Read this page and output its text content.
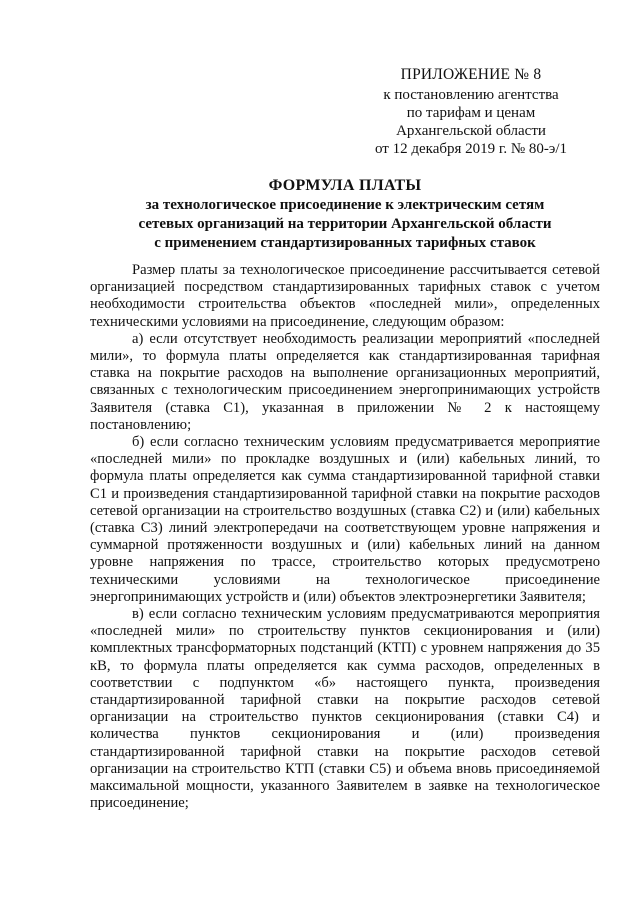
ПРИЛОЖЕНИЕ № 8
к постановлению агентства
по тарифам и ценам
Архангельской области
от 12 декабря 2019 г. № 80-э/1
ФОРМУЛА ПЛАТЫ
за технологическое присоединение к электрическим сетям
сетевых организаций на территории Архангельской области
с применением стандартизированных тарифных ставок

Размер платы за технологическое присоединение рассчитывается сетевой организацией посредством стандартизированных тарифных ставок с учетом необходимости строительства объектов «последней мили», определенных техническими условиями на присоединение, следующим образом:

а) если отсутствует необходимость реализации мероприятий «последней мили», то формула платы определяется как стандартизированная тарифная ставка на покрытие расходов на выполнение организационных мероприятий, связанных с технологическим присоединением энергопринимающих устройств Заявителя (ставка С1), указанная в приложении № 2 к настоящему постановлению;

б) если согласно техническим условиям предусматривается мероприятие «последней мили» по прокладке воздушных и (или) кабельных линий, то формула платы определяется как сумма стандартизированной тарифной ставки С1 и произведения стандартизированной тарифной ставки на покрытие расходов сетевой организации на строительство воздушных (ставка С2) и (или) кабельных (ставка С3) линий электропередачи на соответствующем уровне напряжения и суммарной протяженности воздушных и (или) кабельных линий на данном уровне напряжения по трассе, строительство которых предусмотрено техническими условиями на технологическое присоединение энергопринимающих устройств и (или) объектов электроэнергетики Заявителя;

в) если согласно техническим условиям предусматриваются мероприятия «последней мили» по строительству пунктов секционирования и (или) комплектных трансформаторных подстанций (КТП) с уровнем напряжения до 35 кВ, то формула платы определяется как сумма расходов, определенных в соответствии с подпунктом «б» настоящего пункта, произведения стандартизированной тарифной ставки на покрытие расходов сетевой организации на строительство пунктов секционирования (ставки С4) и количества пунктов секционирования и (или) произведения стандартизированной тарифной ставки на покрытие расходов сетевой организации на строительство КТП (ставки С5) и объема вновь присоединяемой максимальной мощности, указанного Заявителем в заявке на технологическое присоединение;
